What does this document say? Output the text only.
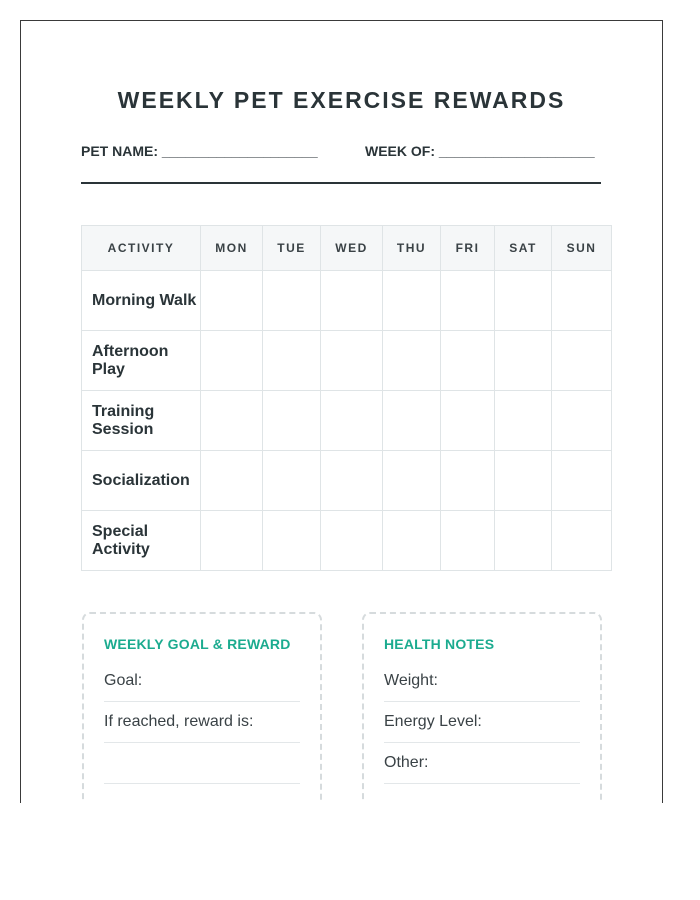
WEEKLY PET EXERCISE REWARDS
PET NAME: ____________________	WEEK OF: ____________________
ACTIVITY	MON	TUE	WED	THU	FRI	SAT	SUN
Morning Walk							
Afternoon Play							
Training Session							
Socialization							
Special Activity							
WEEKLY GOAL & REWARD
Goal:
If reached, reward is:
HEALTH NOTES
Weight:
Energy Level:
Other:
